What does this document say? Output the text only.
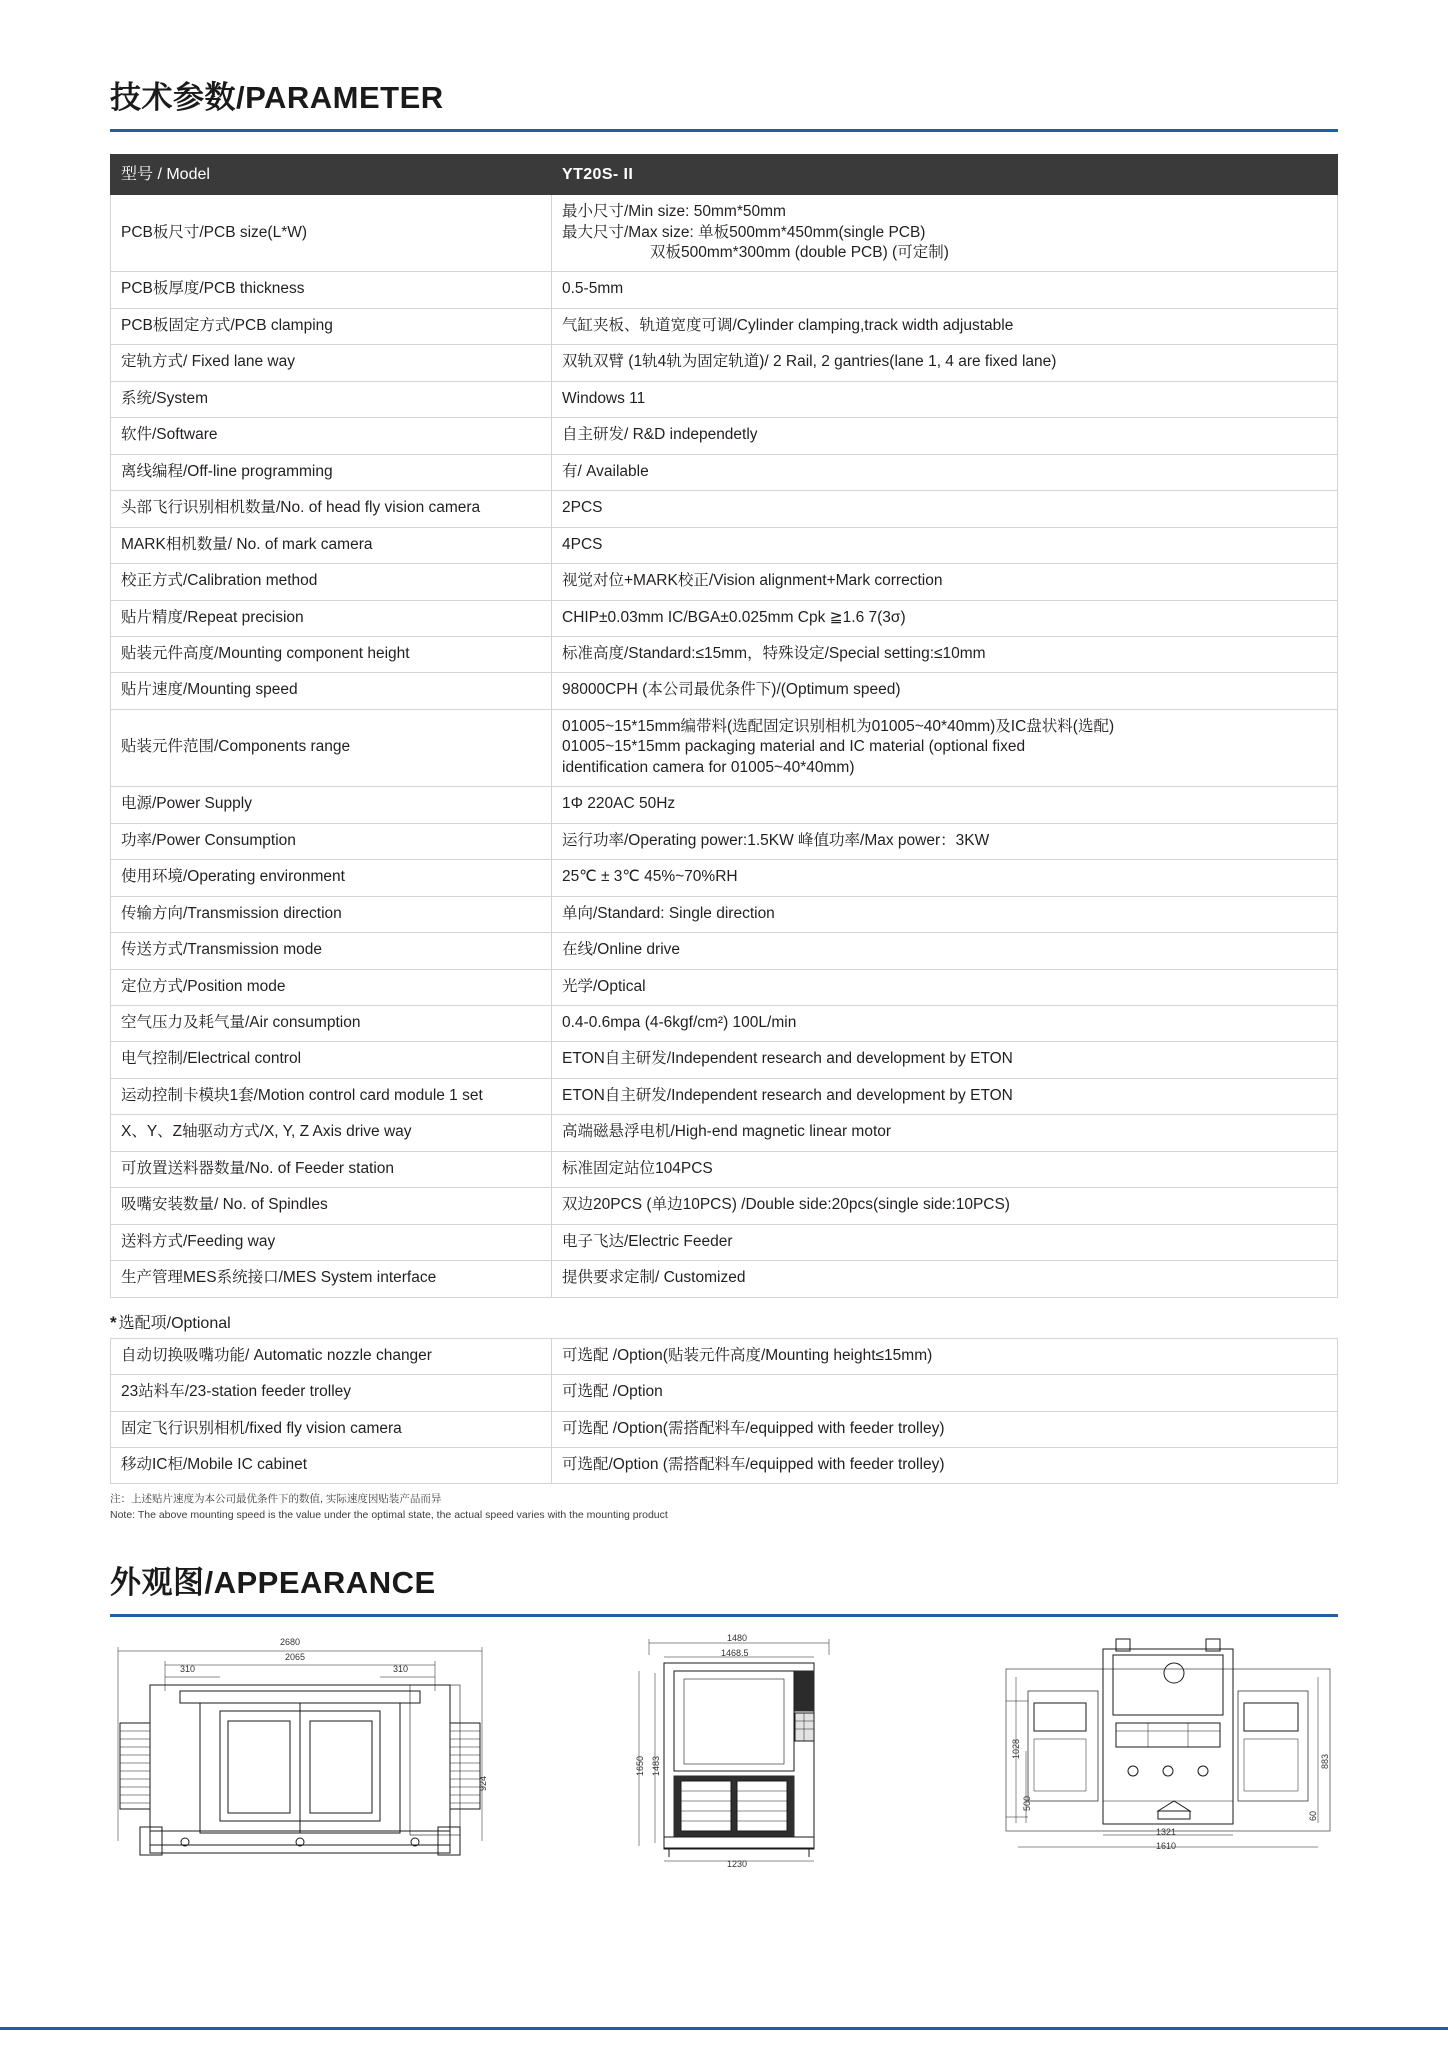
技术参数/PARAMETER
型号 / Model	YT20S- II
PCB板尺寸/PCB size(L*W)	最小尺寸/Min size: 50mm*50mm
最大尺寸/Max size: 单板500mm*450mm(single PCB)
双板500mm*300mm (double PCB) (可定制)

PCB板厚度/PCB thickness	0.5-5mm
PCB板固定方式/PCB clamping	气缸夹板、轨道宽度可调/Cylinder clamping,track width adjustable
定轨方式/ Fixed lane way	双轨双臂 (1轨4轨为固定轨道)/ 2 Rail, 2 gantries(lane 1, 4 are fixed lane)
系统/System	Windows 11
软件/Software	自主研发/ R&D independetly
离线编程/Off-line programming	有/ Available
头部飞行识别相机数量/No. of head fly vision camera	2PCS
MARK相机数量/ No. of mark camera	4PCS
校正方式/Calibration method	视觉对位+MARK校正/Vision alignment+Mark correction
贴片精度/Repeat precision	CHIP±0.03mm IC/BGA±0.025mm Cpk ≧1.6 7(3σ)
贴装元件高度/Mounting component height	标准高度/Standard:≤15mm，特殊设定/Special setting:≤10mm
贴片速度/Mounting speed	98000CPH (本公司最优条件下)/(Optimum speed)
贴装元件范围/Components range	01005~15*15mm编带料(选配固定识别相机为01005~40*40mm)及IC盘状料(选配)
01005~15*15mm packaging material and IC material (optional fixed
identification camera for 01005~40*40mm)

电源/Power Supply	1Φ 220AC 50Hz
功率/Power Consumption	运行功率/Operating power:1.5KW 峰值功率/Max power：3KW
使用环境/Operating environment	25℃ ± 3℃ 45%~70%RH
传输方向/Transmission direction	单向/Standard: Single direction
传送方式/Transmission mode	在线/Online drive
定位方式/Position mode	光学/Optical
空气压力及耗气量/Air consumption	0.4-0.6mpa (4-6kgf/cm²) 100L/min
电气控制/Electrical control	ETON自主研发/Independent research and development by ETON
运动控制卡模块1套/Motion control card module 1 set	ETON自主研发/Independent research and development by ETON
X、Y、Z轴驱动方式/X, Y, Z Axis drive way	高端磁悬浮电机/High-end magnetic linear motor
可放置送料器数量/No. of Feeder station	标准固定站位104PCS
吸嘴安装数量/ No. of Spindles	双边20PCS (单边10PCS) /Double side:20pcs(single side:10PCS)
送料方式/Feeding way	电子飞达/Electric Feeder
生产管理MES系统接口/MES System interface	提供要求定制/ Customized
* 选配项/Optional
自动切换吸嘴功能/ Automatic nozzle changer	可选配 /Option(贴装元件高度/Mounting height≤15mm)
23站料车/23-station feeder trolley	可选配 /Option
固定飞行识别相机/fixed fly vision camera	可选配 /Option(需搭配料车/equipped with feeder trolley)
移动IC柜/Mobile IC cabinet	可选配/Option (需搭配料车/equipped with feeder trolley)
注：上述贴片速度为本公司最优条件下的数值, 实际速度因贴装产品而异
Note: The above mounting speed is the value under the optimal state, the actual speed varies with the mounting product
外观图/APPEARANCE
2680
2065
310	310
924
1480
1468.5
1650 1483
1230
1028
500
883
60
1321
1610
